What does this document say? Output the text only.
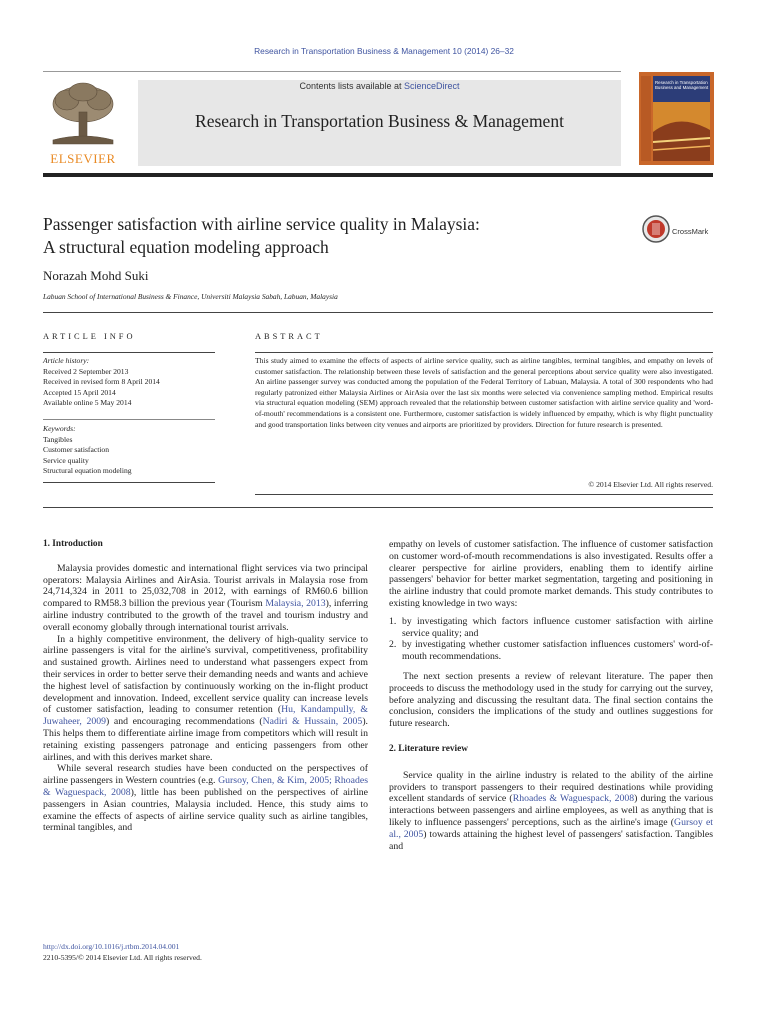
Research in Transportation Business & Management 10 (2014) 26–32
ELSEVIER
Contents lists available at ScienceDirect
Research in Transportation Business & Management
Research in Transportation Business and Management
Passenger satisfaction with airline service quality in Malaysia:
A structural equation modeling approach
CrossMark
Norazah Mohd Suki
Labuan School of International Business & Finance, Universiti Malaysia Sabah, Labuan, Malaysia
ARTICLE INFO
Article history:
Received 2 September 2013
Received in revised form 8 April 2014
Accepted 15 April 2014
Available online 5 May 2014
Keywords:
Tangibles
Customer satisfaction
Service quality
Structural equation modeling
ABSTRACT
This study aimed to examine the effects of aspects of airline service quality, such as airline tangibles, terminal tangibles, and empathy on levels of customer satisfaction. The relationship between these levels of satisfaction and the general perceptions about service quality were also investigated. An airline passenger survey was conducted among the population of the Federal Territory of Labuan, Malaysia. A total of 300 respondents who had regularly patronized either Malaysia Airlines or AirAsia over the last six months were selected via convenience sampling method. Empirical results via structural equation modeling (SEM) approach revealed that the relationship between customer satisfaction with airline service quality and 'word-of-mouth' recommendations is a consistent one. Furthermore, customer satisfaction is widely influenced by empathy, which is why flight punctuality and good transportation links between city venues and airports are prioritized by providers. Direction for future research is presented.
© 2014 Elsevier Ltd. All rights reserved.

1. Introduction

Malaysia provides domestic and international flight services via two principal operators: Malaysia Airlines and AirAsia. Tourist arrivals in Malaysia rose from 24,714,324 in 2011 to 25,032,708 in 2012, with earnings of RM60.6 billion compared to RM58.3 billion the previous year (Tourism Malaysia, 2013), inferring airline industry contributed to the growth of the travel and tourism industry and overall economy globally through international tourist arrivals.

In a highly competitive environment, the delivery of high-quality service to airline passengers is vital for the airline's survival, competitiveness, profitability and sustained growth. Airlines need to understand what passengers expect from their services in order to better serve their demanding needs and wants and achieve the highest level of satisfaction by continuously working on the in-flight product development and innovation. Indeed, excellent service quality can increase levels of customer satisfaction, leading to consumer retention (Hu, Kandampully, & Juwaheer, 2009) and encouraging recommendations (Nadiri & Hussain, 2005). This helps them to differentiate airline image from competitors which will result in retaining existing passengers patronage and enticing passengers from other airlines, and with this derives market share.

While several research studies have been conducted on the perspectives of airline passengers in Western countries (e.g. Gursoy, Chen, & Kim, 2005; Rhoades & Waguespack, 2008), little has been published on the perspectives of airline passengers in Asian countries, Malaysia included. Hence, this study aims to examine the effects of aspects of airline service quality such as airline tangibles, terminal tangibles, and

empathy on levels of customer satisfaction. The influence of customer satisfaction on customer word-of-mouth recommendations is also investigated. Results offer a clearer perspective for airline providers, enabling them to identify airline passengers' behavior for better market segmentation, targeting and positioning in the airline industry that could promote market demands. This study contributes to existing knowledge in two ways:

1. by investigating which factors influence customer satisfaction with airline service quality; and
2. by investigating whether customer satisfaction influences customers' word-of-mouth recommendations.

The next section presents a review of relevant literature. The paper then proceeds to discuss the methodology used in the study for carrying out the survey, before analyzing and discussing the resultant data. The final section contains the conclusion, considers the implications of the study and outlines suggestions for future research.

2. Literature review

Service quality in the airline industry is related to the ability of the airline providers to transport passengers to their required destinations while providing excellent standards of service (Rhoades & Waguespack, 2008) during the various interactions between passengers and airline employees, as well as anything that is likely to influence passengers' perceptions, such as the airline's image (Gursoy et al., 2005) towards attaining the highest level of passengers' satisfaction. Tangibles and

http://dx.doi.org/10.1016/j.rtbm.2014.04.001
2210-5395/© 2014 Elsevier Ltd. All rights reserved.
